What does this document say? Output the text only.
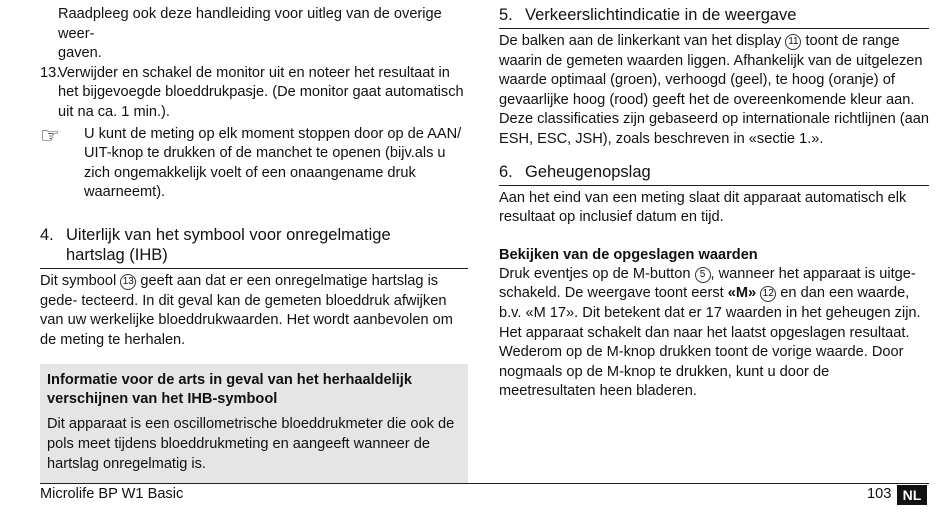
Raadpleeg ook deze handleiding voor uitleg van de overige weer-
gaven.

13.

Verwijder en schakel de monitor uit en noteer het resultaat in het bijgevoegde bloeddrukpasje. (De monitor gaat automatisch uit na ca. 1 min.).

☞	U kunt de meting op elk moment stoppen door op de AAN/ UIT-knop te drukken of de manchet te openen (bijv.als u zich ongemakkelijk voelt of een onaangename druk waarneemt).

4. Uiterlijk van het symbool voor onregelmatige
hartslag (IHB)

Dit symbool 13 geeft aan dat er een onregelmatige hartslag is gede- tecteerd. In dit geval kan de gemeten bloeddruk afwijken van uw werkelijke bloeddrukwaarden. Het wordt aanbevolen om de meting te herhalen.

Informatie voor de arts in geval van het herhaaldelijk verschijnen van het IHB-symbool

Dit apparaat is een oscillometrische bloeddrukmeter die ook de pols meet tijdens bloeddrukmeting en aangeeft wanneer de hartslag onregelmatig is.

5. Verkeerslichtindicatie in de weergave

De balken aan de linkerkant van het display 11 toont de range waarin de gemeten waarden liggen. Afhankelijk van de uitgelezen waarde optimaal (groen), verhoogd (geel), te hoog (oranje) of gevaarlijke hoog (rood) geeft het de overeenkomende kleur aan. Deze classificaties zijn gebaseerd op internationale richtlijnen (aan ESH, ESC, JSH), zoals beschreven in «sectie 1.».

6. Geheugenopslag

Aan het eind van een meting slaat dit apparaat automatisch elk resultaat op inclusief datum en tijd.

Bekijken van de opgeslagen waarden

Druk eventjes op de M-button 5 , wanneer het apparaat is uitge- schakeld. De weergave toont eerst «M» 12 en dan een waarde, b.v. «M 17». Dit betekent dat er 17 waarden in het geheugen zijn. Het apparaat schakelt dan naar het laatst opgeslagen resultaat. Wederom op de M-knop drukken toont de vorige waarde. Door nogmaals op de M-knop te drukken, kunt u door de meetresultaten heen bladeren.

Microlife BP W1 Basic	103 NL
